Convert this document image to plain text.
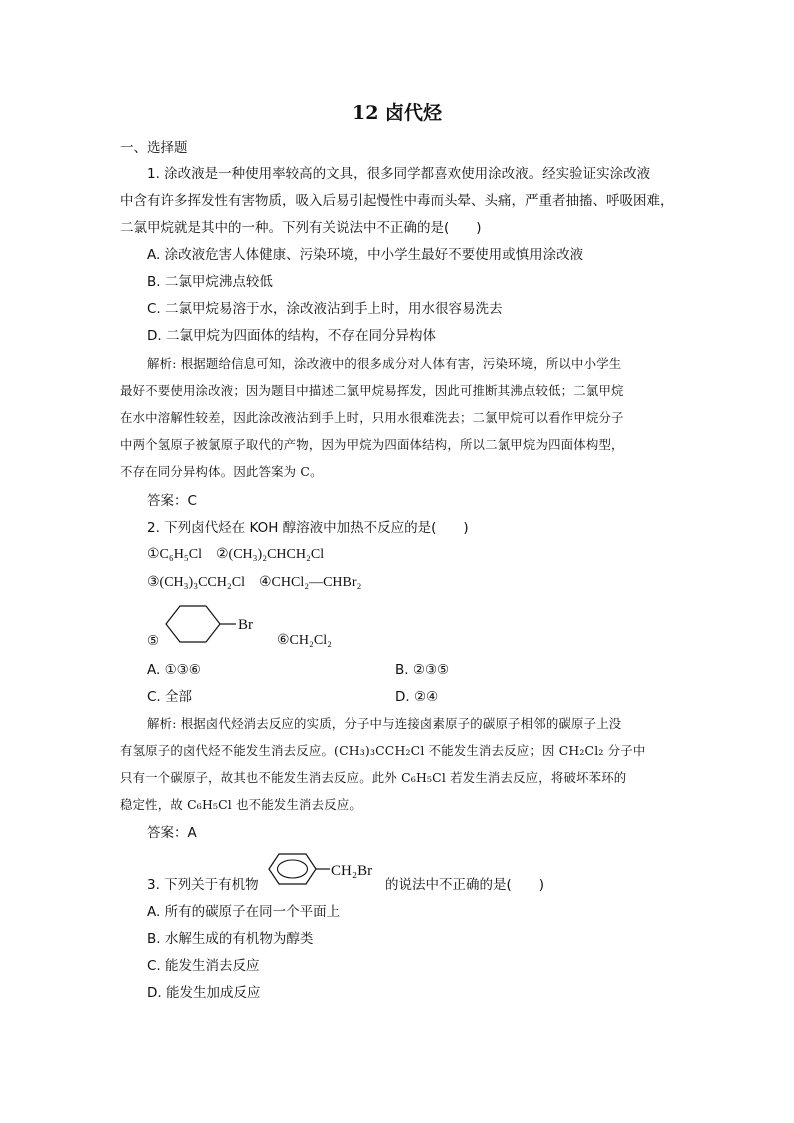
12 卤代烃
一、选择题
1. 涂改液是一种使用率较高的文具，很多同学都喜欢使用涂改液。经实验证实涂改液
中含有许多挥发性有害物质，吸入后易引起慢性中毒而头晕、头痛，严重者抽搐、呼吸困难，
二氯甲烷就是其中的一种。下列有关说法中不正确的是(　　)
A. 涂改液危害人体健康、污染环境，中小学生最好不要使用或慎用涂改液
B. 二氯甲烷沸点较低
C. 二氯甲烷易溶于水，涂改液沾到手上时，用水很容易洗去
D. 二氯甲烷为四面体的结构，不存在同分异构体
解析: 根据题给信息可知，涂改液中的很多成分对人体有害，污染环境，所以中小学生
最好不要使用涂改液；因为题目中描述二氯甲烷易挥发，因此可推断其沸点较低；二氯甲烷
在水中溶解性较差，因此涂改液沾到手上时，只用水很难洗去；二氯甲烷可以看作甲烷分子
中两个氢原子被氯原子取代的产物，因为甲烷为四面体结构，所以二氯甲烷为四面体构型，
不存在同分异构体。因此答案为 C。
答案：C
2. 下列卤代烃在 KOH 醇溶液中加热不反应的是(　　)
①C₆H₅Cl　②(CH₃)₂CHCH₂Cl
③(CH₃)₃CCH₂Cl　④CHCl₂—CHBr₂
⑤
Br
⑥CH₂Cl₂
A. ①③⑥	B. ②③⑤
C. 全部	D. ②④
解析: 根据卤代烃消去反应的实质，分子中与连接卤素原子的碳原子相邻的碳原子上没
有氢原子的卤代烃不能发生消去反应。(CH₃)₃CCH₂Cl 不能发生消去反应；因 CH₂Cl₂ 分子中
只有一个碳原子，故其也不能发生消去反应。此外 C₆H₅Cl 若发生消去反应，将破坏苯环的
稳定性，故 C₆H₅Cl 也不能发生消去反应。
答案：A
3. 下列关于有机物
CH₂Br
的说法中不正确的是(　　)
A. 所有的碳原子在同一个平面上
B. 水解生成的有机物为醇类
C. 能发生消去反应
D. 能发生加成反应
